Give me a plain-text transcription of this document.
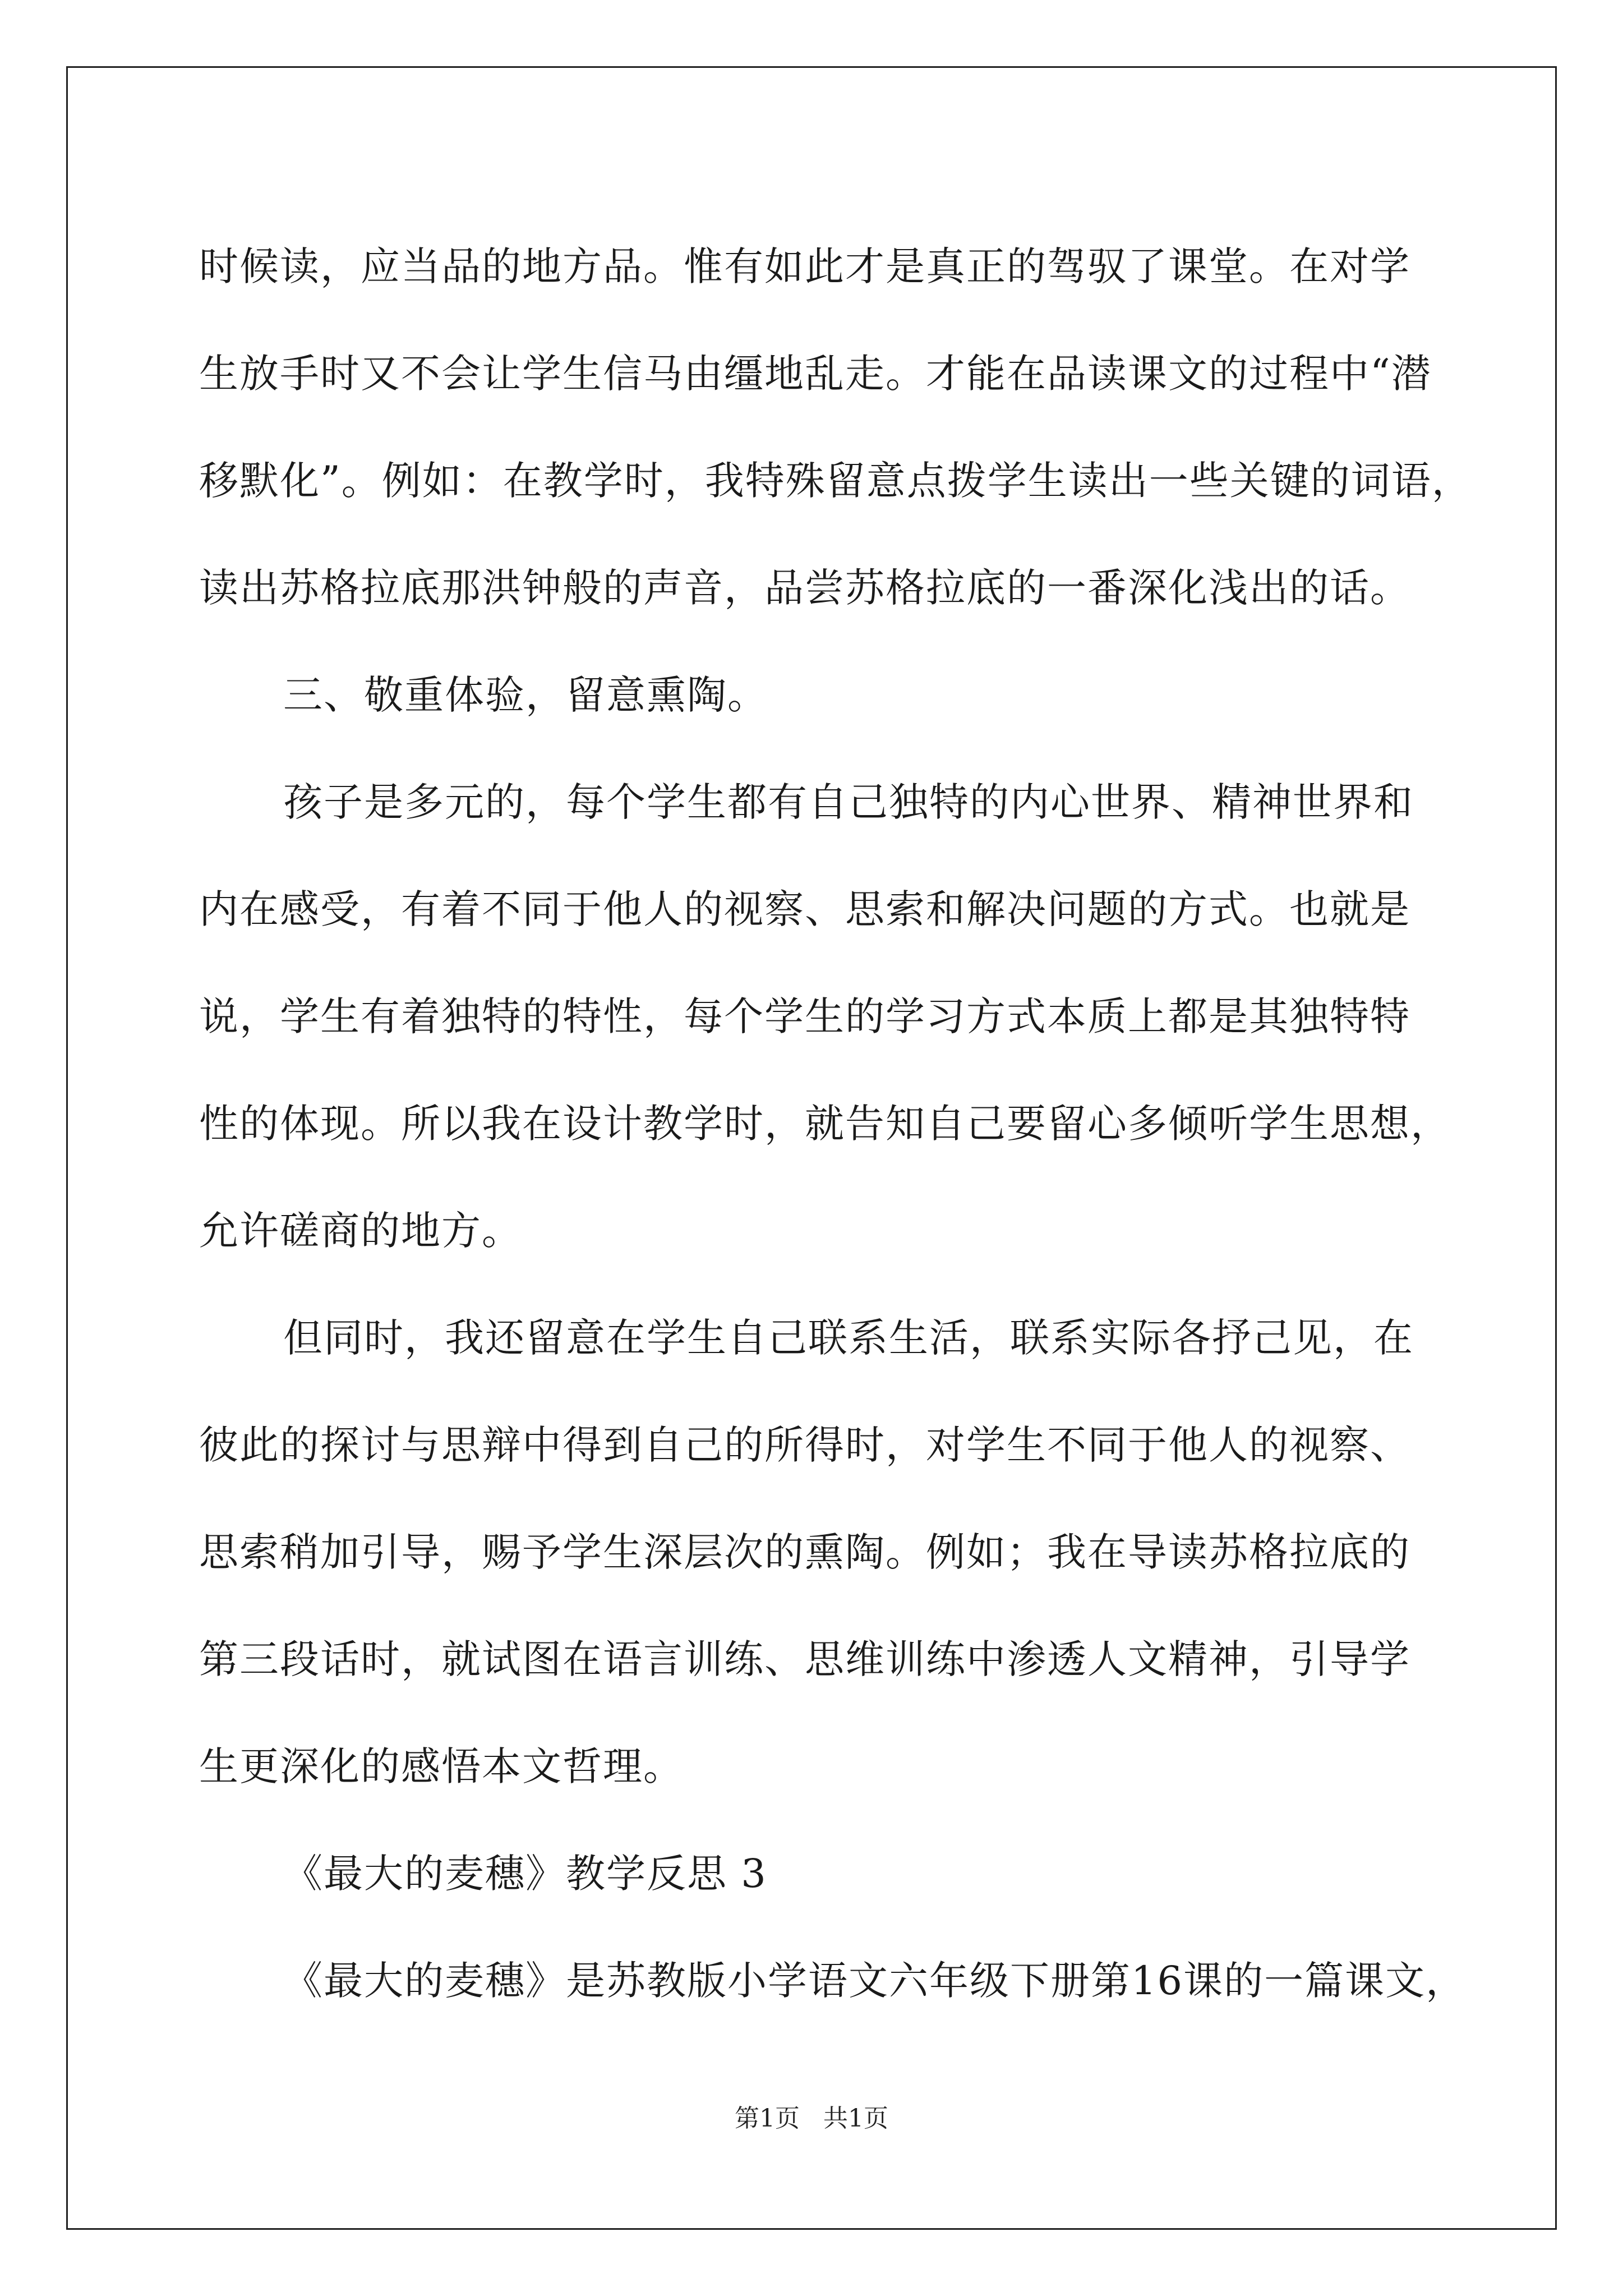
时候读，应当品的地方品。惟有如此才是真正的驾驭了课堂。在对学

生放手时又不会让学生信马由缰地乱走。才能在品读课文的过程中“潜

移默化”。例如：在教学时，我特殊留意点拨学生读出一些关键的词语，

读出苏格拉底那洪钟般的声音，品尝苏格拉底的一番深化浅出的话。

三、敬重体验，留意熏陶。

孩子是多元的，每个学生都有自己独特的内心世界、精神世界和

内在感受，有着不同于他人的视察、思索和解决问题的方式。也就是

说，学生有着独特的特性，每个学生的学习方式本质上都是其独特特

性的体现。所以我在设计教学时，就告知自己要留心多倾听学生思想，

允许磋商的地方。

但同时，我还留意在学生自己联系生活，联系实际各抒己见，在

彼此的探讨与思辩中得到自己的所得时，对学生不同于他人的视察、

思索稍加引导，赐予学生深层次的熏陶。例如；我在导读苏格拉底的

第三段话时，就试图在语言训练、思维训练中渗透人文精神，引导学

生更深化的感悟本文哲理。

《最大的麦穗》教学反思 3

《最大的麦穗》是苏教版小学语文六年级下册第16课的一篇课文，

第1页 共1页
